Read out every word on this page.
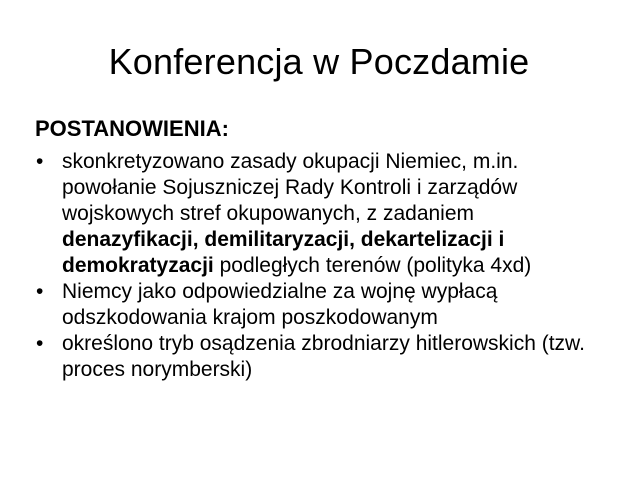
Konferencja w Poczdamie
POSTANOWIENIA:
• skonkretyzowano zasady okupacji Niemiec, m.in. powołanie Sojuszniczej Rady Kontroli i zarządów wojskowych stref okupowanych, z zadaniem denazyfikacji, demilitaryzacji, dekartelizacji i demokratyzacji podległych terenów (polityka 4xd)
• Niemcy jako odpowiedzialne za wojnę wypłacą odszkodowania krajom poszkodowanym
• określono tryb osądzenia zbrodniarzy hitlerowskich (tzw. proces norymberski)
